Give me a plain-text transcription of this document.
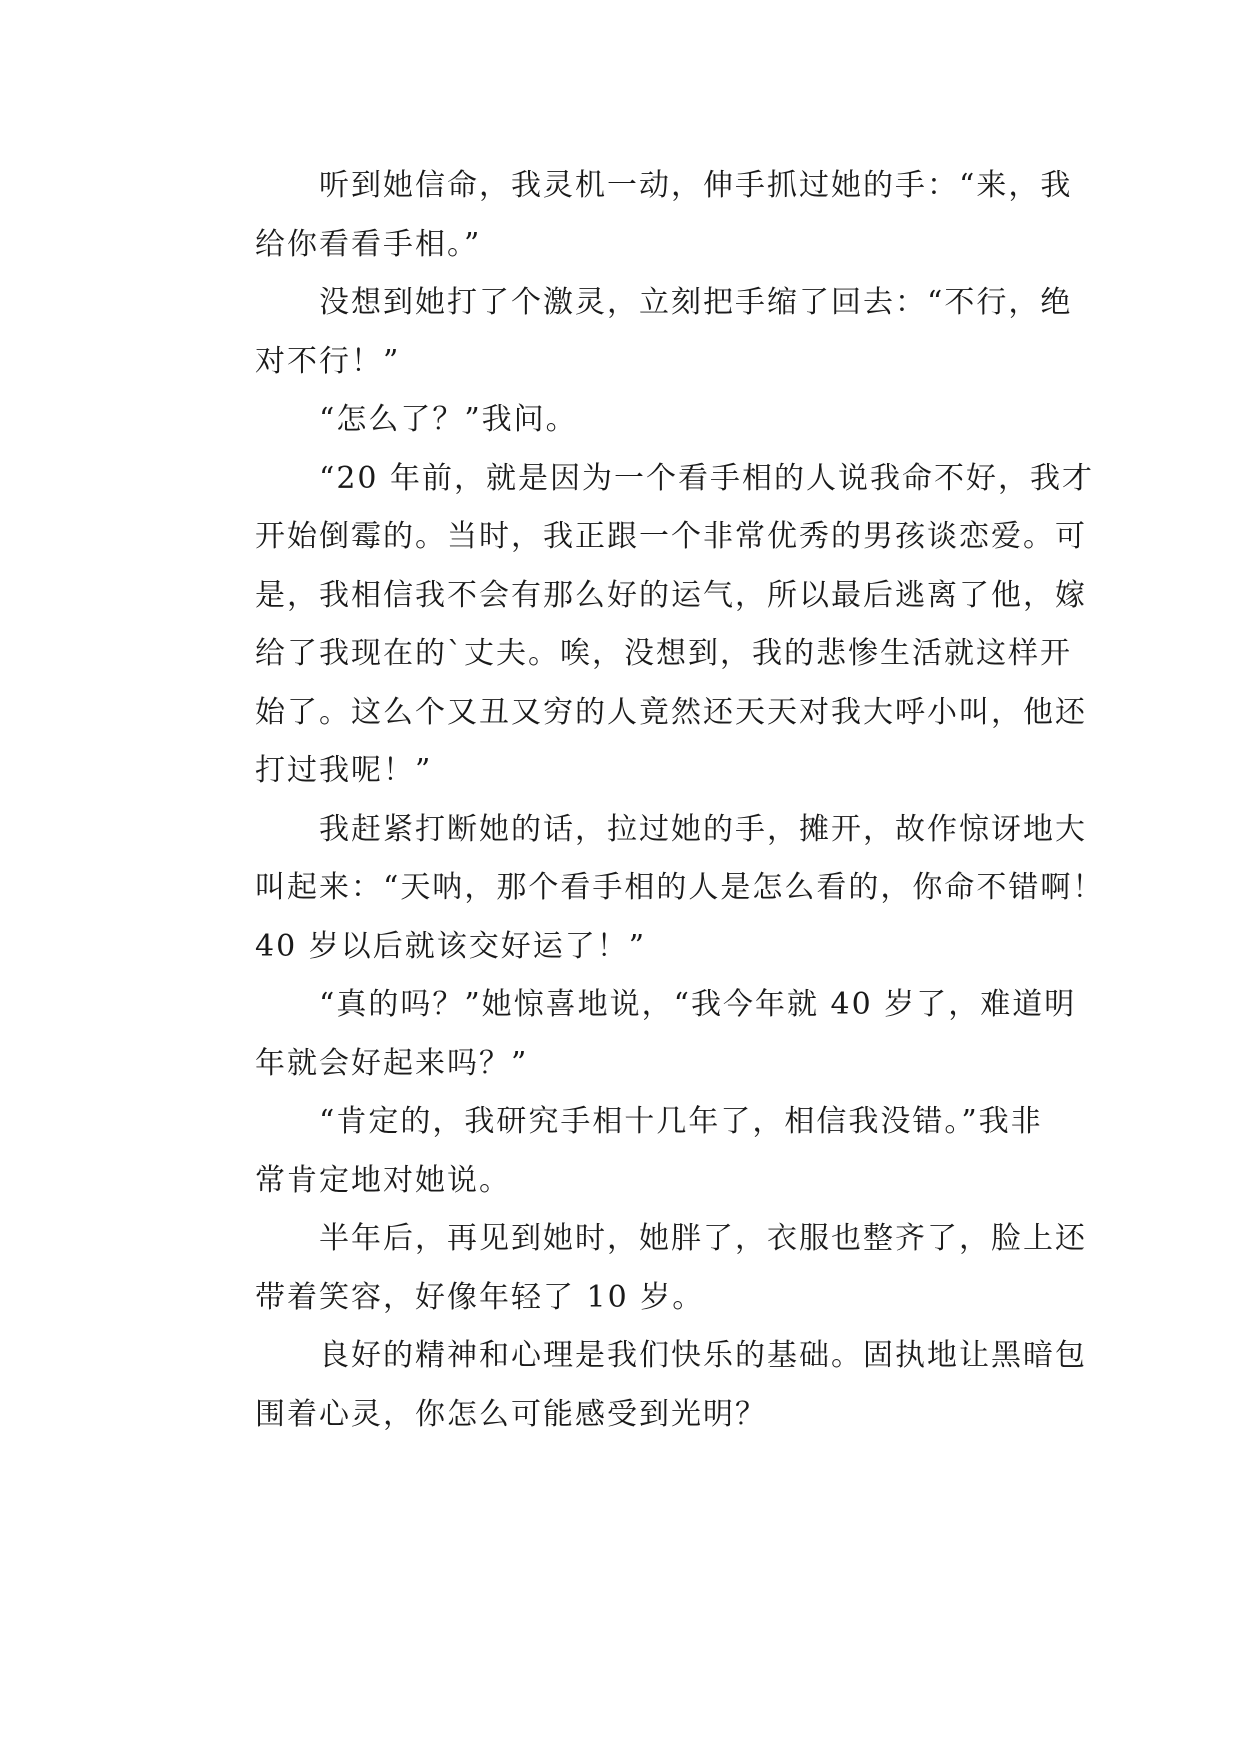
听到她信命，我灵机一动，伸手抓过她的手：“来，我
给你看看手相。”

没想到她打了个激灵，立刻把手缩了回去：“不行，绝
对不行！”

“怎么了？”我问。

“20 年前，就是因为一个看手相的人说我命不好，我才
开始倒霉的。当时，我正跟一个非常优秀的男孩谈恋爱。可
是，我相信我不会有那么好的运气，所以最后逃离了他，嫁
给了我现在的`丈夫。唉，没想到，我的悲惨生活就这样开
始了。这么个又丑又穷的人竟然还天天对我大呼小叫，他还
打过我呢！”

我赶紧打断她的话，拉过她的手，摊开，故作惊讶地大
叫起来：“天呐，那个看手相的人是怎么看的，你命不错啊！
40 岁以后就该交好运了！”

“真的吗？”她惊喜地说，“我今年就 40 岁了，难道明
年就会好起来吗？”

“肯定的，我研究手相十几年了，相信我没错。”我非
常肯定地对她说。

半年后，再见到她时，她胖了，衣服也整齐了，脸上还
带着笑容，好像年轻了 10 岁。

良好的精神和心理是我们快乐的基础。固执地让黑暗包
围着心灵，你怎么可能感受到光明？
